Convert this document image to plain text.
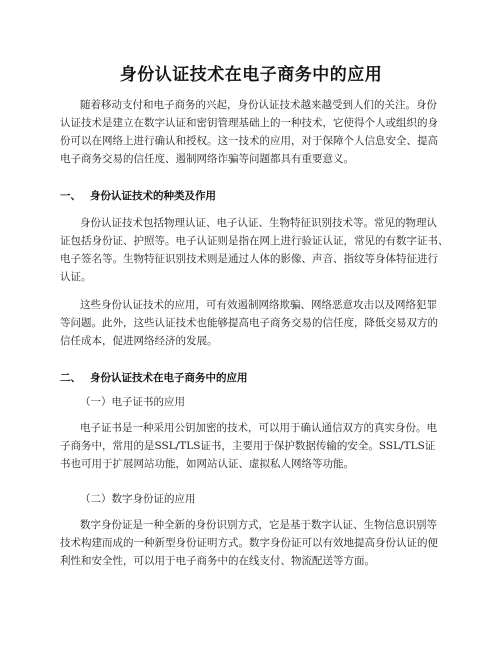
身份认证技术在电子商务中的应用
随着移动支付和电子商务的兴起，身份认证技术越来越受到人们的关注。身份
认证技术是建立在数字认证和密钥管理基础上的一种技术，它使得个人或组织的身
份可以在网络上进行确认和授权。这一技术的应用，对于保障个人信息安全、提高
电子商务交易的信任度、遏制网络诈骗等问题都具有重要意义。
一、 身份认证技术的种类及作用
身份认证技术包括物理认证、电子认证、生物特征识别技术等。常见的物理认
证包括身份证、护照等。电子认证则是指在网上进行验证认证，常见的有数字证书、
电子签名等。生物特征识别技术则是通过人体的影像、声音、指纹等身体特征进行
认证。
这些身份认证技术的应用，可有效遏制网络欺骗、网络恶意攻击以及网络犯罪
等问题。此外，这些认证技术也能够提高电子商务交易的信任度，降低交易双方的
信任成本，促进网络经济的发展。
二、 身份认证技术在电子商务中的应用
（一）电子证书的应用
电子证书是一种采用公钥加密的技术，可以用于确认通信双方的真实身份。电
子商务中，常用的是SSL/TLS证书，主要用于保护数据传输的安全。SSL/TLS证
书也可用于扩展网站功能，如网站认证、虚拟私人网络等功能。
（二）数字身份证的应用
数字身份证是一种全新的身份识别方式，它是基于数字认证、生物信息识别等
技术构建而成的一种新型身份证明方式。数字身份证可以有效地提高身份认证的便
利性和安全性，可以用于电子商务中的在线支付、物流配送等方面。
